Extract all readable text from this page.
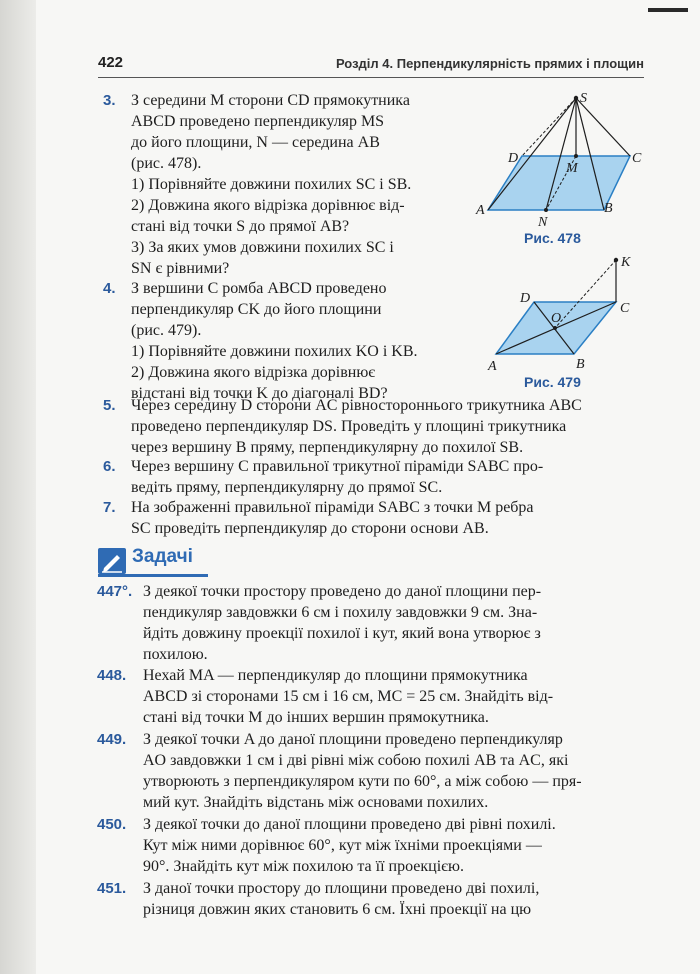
422	Розділ 4. Перпендикулярність прямих і площин
3. З середини M сторони CD прямокутника
ABCD проведено перпендикуляр MS
до його площини, N — середина AB
(рис. 478).
1) Порівняйте довжини похилих SC і SB.
2) Довжина якого відрізка дорівнює від-
стані від точки S до прямої AB?
3) За яких умов довжини похилих SC і
SN є рівними?
S
D
M
C
A
N
B
Рис. 478
4. З вершини C ромба ABCD проведено
перпендикуляр CK до його площини
(рис. 479).
1) Порівняйте довжини похилих KO і KB.
2) Довжина якого відрізка дорівнює
відстані від точки K до діагоналі BD?
K
D
C
O
A	B
Рис. 479
5. Через середину D сторони AC рівностороннього трикутника ABC
проведено перпендикуляр DS. Проведіть у площині трикутника
через вершину B пряму, перпендикулярну до похилої SB.
6. Через вершину C правильної трикутної піраміди SABC про-
ведіть пряму, перпендикулярну до прямої SC.
7. На зображенні правильної піраміди SABC з точки M ребра
SC проведіть перпендикуляр до сторони основи AB.
Задачі
447°. З деякої точки простору проведено до даної площини пер-
пендикуляр завдовжки 6 см і похилу завдовжки 9 см. Зна-
йдіть довжину проекції похилої і кут, який вона утворює з
похилою.
448. Нехай MA — перпендикуляр до площини прямокутника
ABCD зі сторонами 15 см і 16 см, MC = 25 см. Знайдіть від-
стані від точки M до інших вершин прямокутника.
449. З деякої точки A до даної площини проведено перпендикуляр
AO завдовжки 1 см і дві рівні між собою похилі AB та AC, які
утворюють з перпендикуляром кути по 60°, а між собою — пря-
мий кут. Знайдіть відстань між основами похилих.
450. З деякої точки до даної площини проведено дві рівні похилі.
Кут між ними дорівнює 60°, кут між їхніми проекціями —
90°. Знайдіть кут між похилою та її проекцією.
451. З даної точки простору до площини проведено дві похилі,
різниця довжин яких становить 6 см. Їхні проекції на цю
